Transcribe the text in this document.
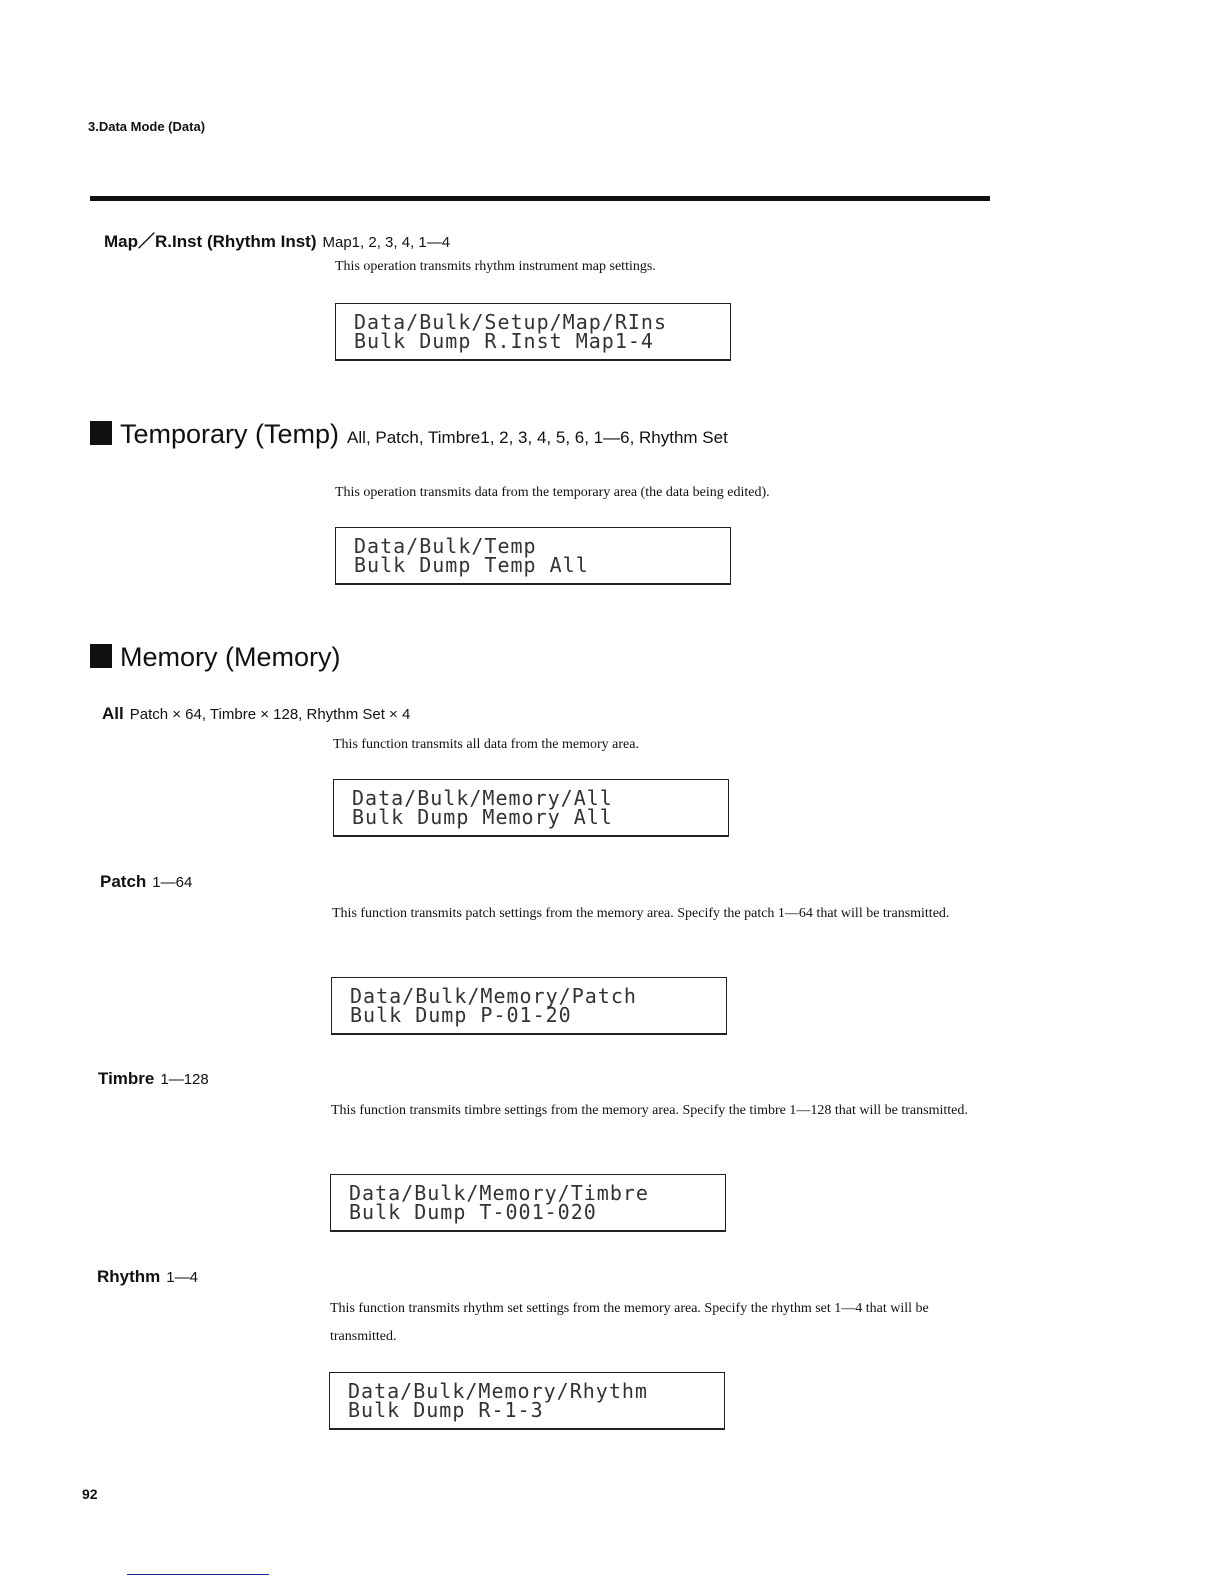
3.Data Mode (Data)
Map／R.Inst (Rhythm Inst) Map1, 2, 3, 4, 1—4
This operation transmits rhythm instrument map settings.
Data/Bulk/Setup/Map/RIns
Bulk Dump R.Inst Map1-4
Temporary (Temp) All, Patch, Timbre1, 2, 3, 4, 5, 6, 1—6, Rhythm Set
This operation transmits data from the temporary area (the data being edited).
Data/Bulk/Temp
Bulk Dump Temp All
Memory (Memory)
All Patch × 64, Timbre × 128, Rhythm Set × 4
This function transmits all data from the memory area.
Data/Bulk/Memory/All
Bulk Dump Memory All
Patch 1—64
This function transmits patch settings from the memory area. Specify the patch 1—64 that will be transmitted.
Data/Bulk/Memory/Patch
Bulk Dump P-01-20
Timbre 1—128
This function transmits timbre settings from the memory area. Specify the timbre 1—128 that will be transmitted.
Data/Bulk/Memory/Timbre
Bulk Dump T-001-020
Rhythm 1—4
This function transmits rhythm set settings from the memory area. Specify the rhythm set 1—4 that will be transmitted.
Data/Bulk/Memory/Rhythm
Bulk Dump R-1-3
92
